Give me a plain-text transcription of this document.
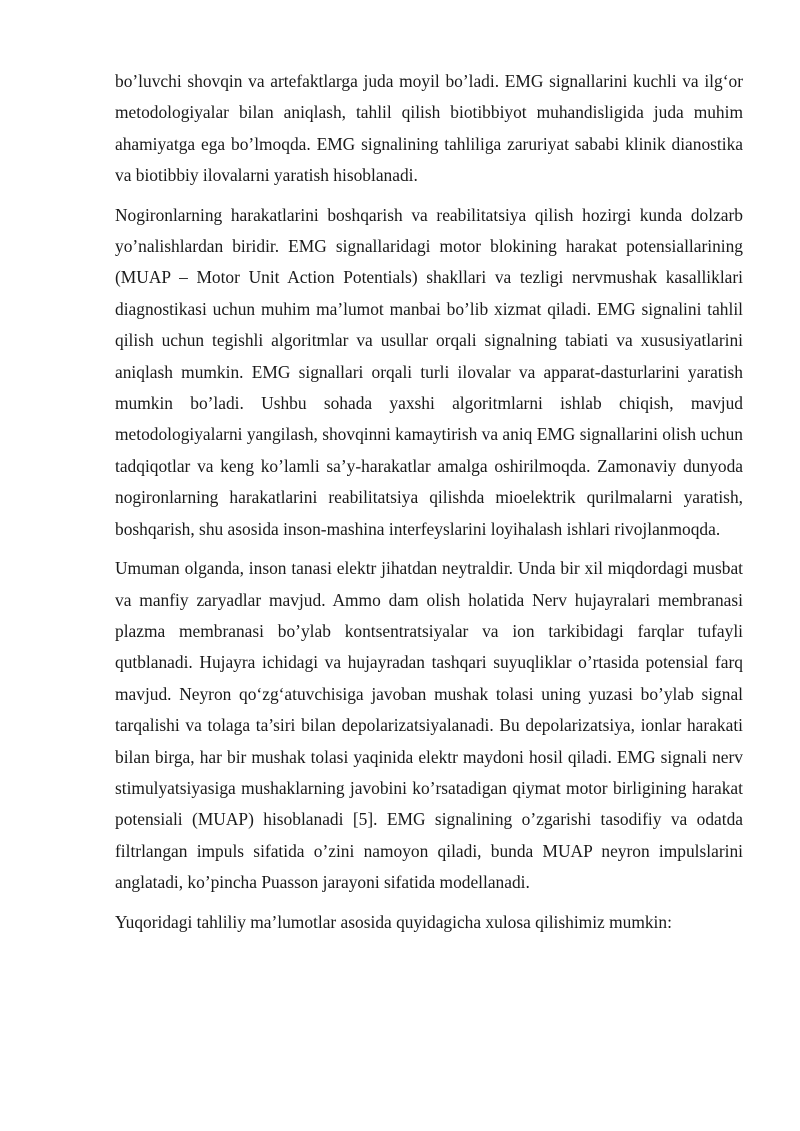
bo’luvchi shovqin va artefaktlarga juda moyil bo’ladi. EMG signallarini kuchli va ilg‘or metodologiyalar bilan aniqlash, tahlil qilish biotibbiyot muhandisligida juda muhim ahamiyatga ega bo’lmoqda. EMG signalining tahliliga zaruriyat sababi klinik dianostika va biotibbiy ilovalarni yaratish hisoblanadi.

Nogironlarning harakatlarini boshqarish va reabilitatsiya qilish hozirgi kunda dolzarb yo’nalishlardan biridir. EMG signallaridagi motor blokining harakat potensiallarining (MUAP – Motor Unit Action Potentials) shakllari va tezligi nervmushak kasalliklari diagnostikasi uchun muhim ma’lumot manbai bo’lib xizmat qiladi. EMG signalini tahlil qilish uchun tegishli algoritmlar va usullar orqali signalning tabiati va xususiyatlarini aniqlash mumkin. EMG signallari orqali turli ilovalar va apparat-dasturlarini yaratish mumkin bo’ladi. Ushbu sohada yaxshi algoritmlarni ishlab chiqish, mavjud metodologiyalarni yangilash, shovqinni kamaytirish va aniq EMG signallarini olish uchun tadqiqotlar va keng ko’lamli sa’y-harakatlar amalga oshirilmoqda. Zamonaviy dunyoda nogironlarning harakatlarini reabilitatsiya qilishda mioelektrik qurilmalarni yaratish, boshqarish, shu asosida inson-mashina interfeyslarini loyihalash ishlari rivojlanmoqda.

Umuman olganda, inson tanasi elektr jihatdan neytraldir. Unda bir xil miqdordagi musbat va manfiy zaryadlar mavjud. Ammo dam olish holatida Nerv hujayralari membranasi plazma membranasi bo’ylab kontsentratsiyalar va ion tarkibidagi farqlar tufayli qutblanadi. Hujayra ichidagi va hujayradan tashqari suyuqliklar o’rtasida potensial farq mavjud. Neyron qo‘zg‘atuvchisiga javoban mushak tolasi uning yuzasi bo’ylab signal tarqalishi va tolaga ta’siri bilan depolarizatsiyalanadi. Bu depolarizatsiya, ionlar harakati bilan birga, har bir mushak tolasi yaqinida elektr maydoni hosil qiladi. EMG signali nerv stimulyatsiyasiga mushaklarning javobini ko’rsatadigan qiymat motor birligining harakat potensiali (MUAP) hisoblanadi [5]. EMG signalining o’zgarishi tasodifiy va odatda filtrlangan impuls sifatida o’zini namoyon qiladi, bunda MUAP neyron impulslarini anglatadi, ko’pincha Puasson jarayoni sifatida modellanadi.

Yuqoridagi tahliliy ma’lumotlar asosida quyidagicha xulosa qilishimiz mumkin:
